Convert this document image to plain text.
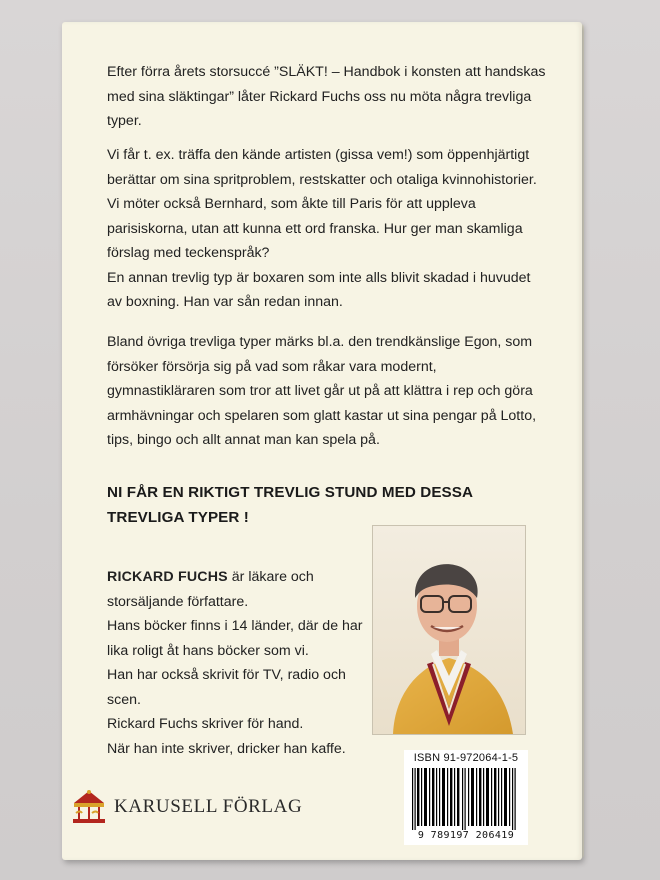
Efter förra årets storsuccé ”SLÄKT! – Handbok i konsten att handskas med sina släktingar” låter Rickard Fuchs oss nu möta några trevliga typer.

Vi får t. ex. träffa den kände artisten (gissa vem!) som öppenhjärtigt berättar om sina spritproblem, restskatter och otaliga kvinnohistorier.

Vi möter också Bernhard, som åkte till Paris för att uppleva parisiskorna, utan att kunna ett ord franska. Hur ger man skamliga förslag med teckenspråk?

En annan trevlig typ är boxaren som inte alls blivit skadad i huvudet av boxning. Han var sån redan innan.

Bland övriga trevliga typer märks bl.a. den trendkänslige Egon, som försöker försörja sig på vad som råkar vara modernt, gymnastikläraren som tror att livet går ut på att klättra i rep och göra armhävningar och spelaren som glatt kastar ut sina pengar på Lotto, tips, bingo och allt annat man kan spela på.

NI FÅR EN RIKTIGT TREVLIG STUND MED DESSA TREVLIGA TYPER !

RICKARD FUCHS är läkare och storsäljande författare.

Hans böcker finns i 14 länder, där de har lika roligt åt hans böcker som vi.

Han har också skrivit för TV, radio och scen.

Rickard Fuchs skriver för hand.

När han inte skriver, dricker han kaffe.

ISBN 91-972064-1-5
9 789197 206419
KARUSELL FÖRLAG
